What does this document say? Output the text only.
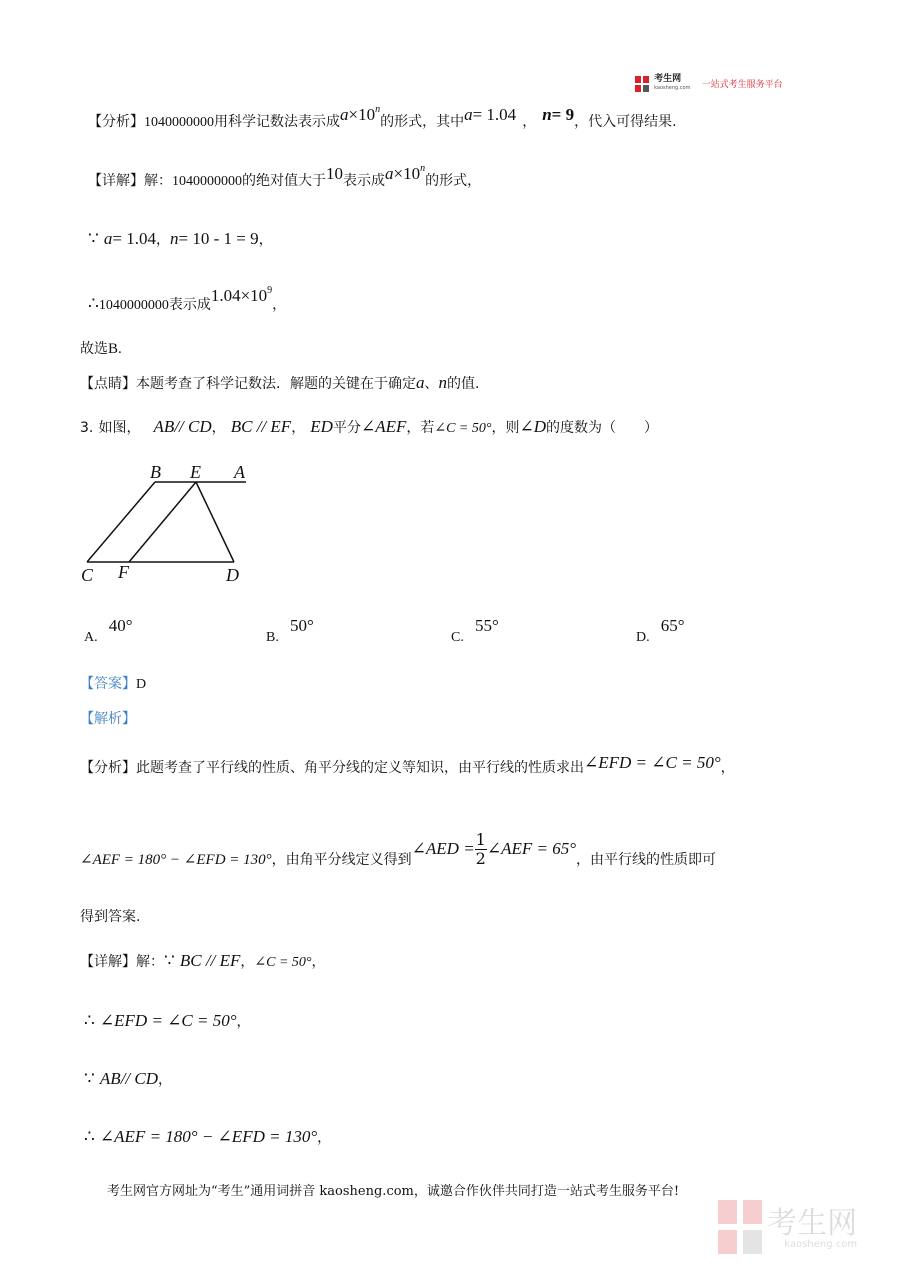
考生网
kaosheng.com 一站式考生服务平台
【分析】1040000000用科学记数法表示成$a\times 10^n$的形式，其中a= 1.04 ， n= 9，代入可得结果.
【详解】解：1040000000的绝对值大于10表示成$a\times 10^n$的形式，
∵ a= 1.04，n= 10 - 1 = 9，
∴1040000000表示成$1.04\times 10^9$，
故选B.
【点睛】本题考查了科学记数法．解题的关键在于确定a、n的值.
3. 如图， AB// CD， BC // EF， ED平分∠AEF，若∠C = 50°，则∠D的度数为（　　）
B E A
C F	D
A. 40°
B. 50°
C. 55°
D. 65°
【答案】D
【解析】
【分析】此题考查了平行线的性质、角平分线的定义等知识，由平行线的性质求出∠EFD = ∠C = 50°，
∠AEF = 180° − ∠EFD = 130°，由角平分线定义得到∠AED = $\frac{1}{2}$ ∠AEF = 65°，由平行线的性质即可
得到答案.
【详解】解：∵ BC // EF，∠C = 50°，
∴ ∠EFD = ∠C = 50°，
∵ AB// CD，
∴ ∠AEF = 180° − ∠EFD = 130°，
考生网官方网址为“考生”通用词拼音 kaosheng.com，诚邀合作伙伴共同打造一站式考生服务平台!

考生网
kaosheng.com
